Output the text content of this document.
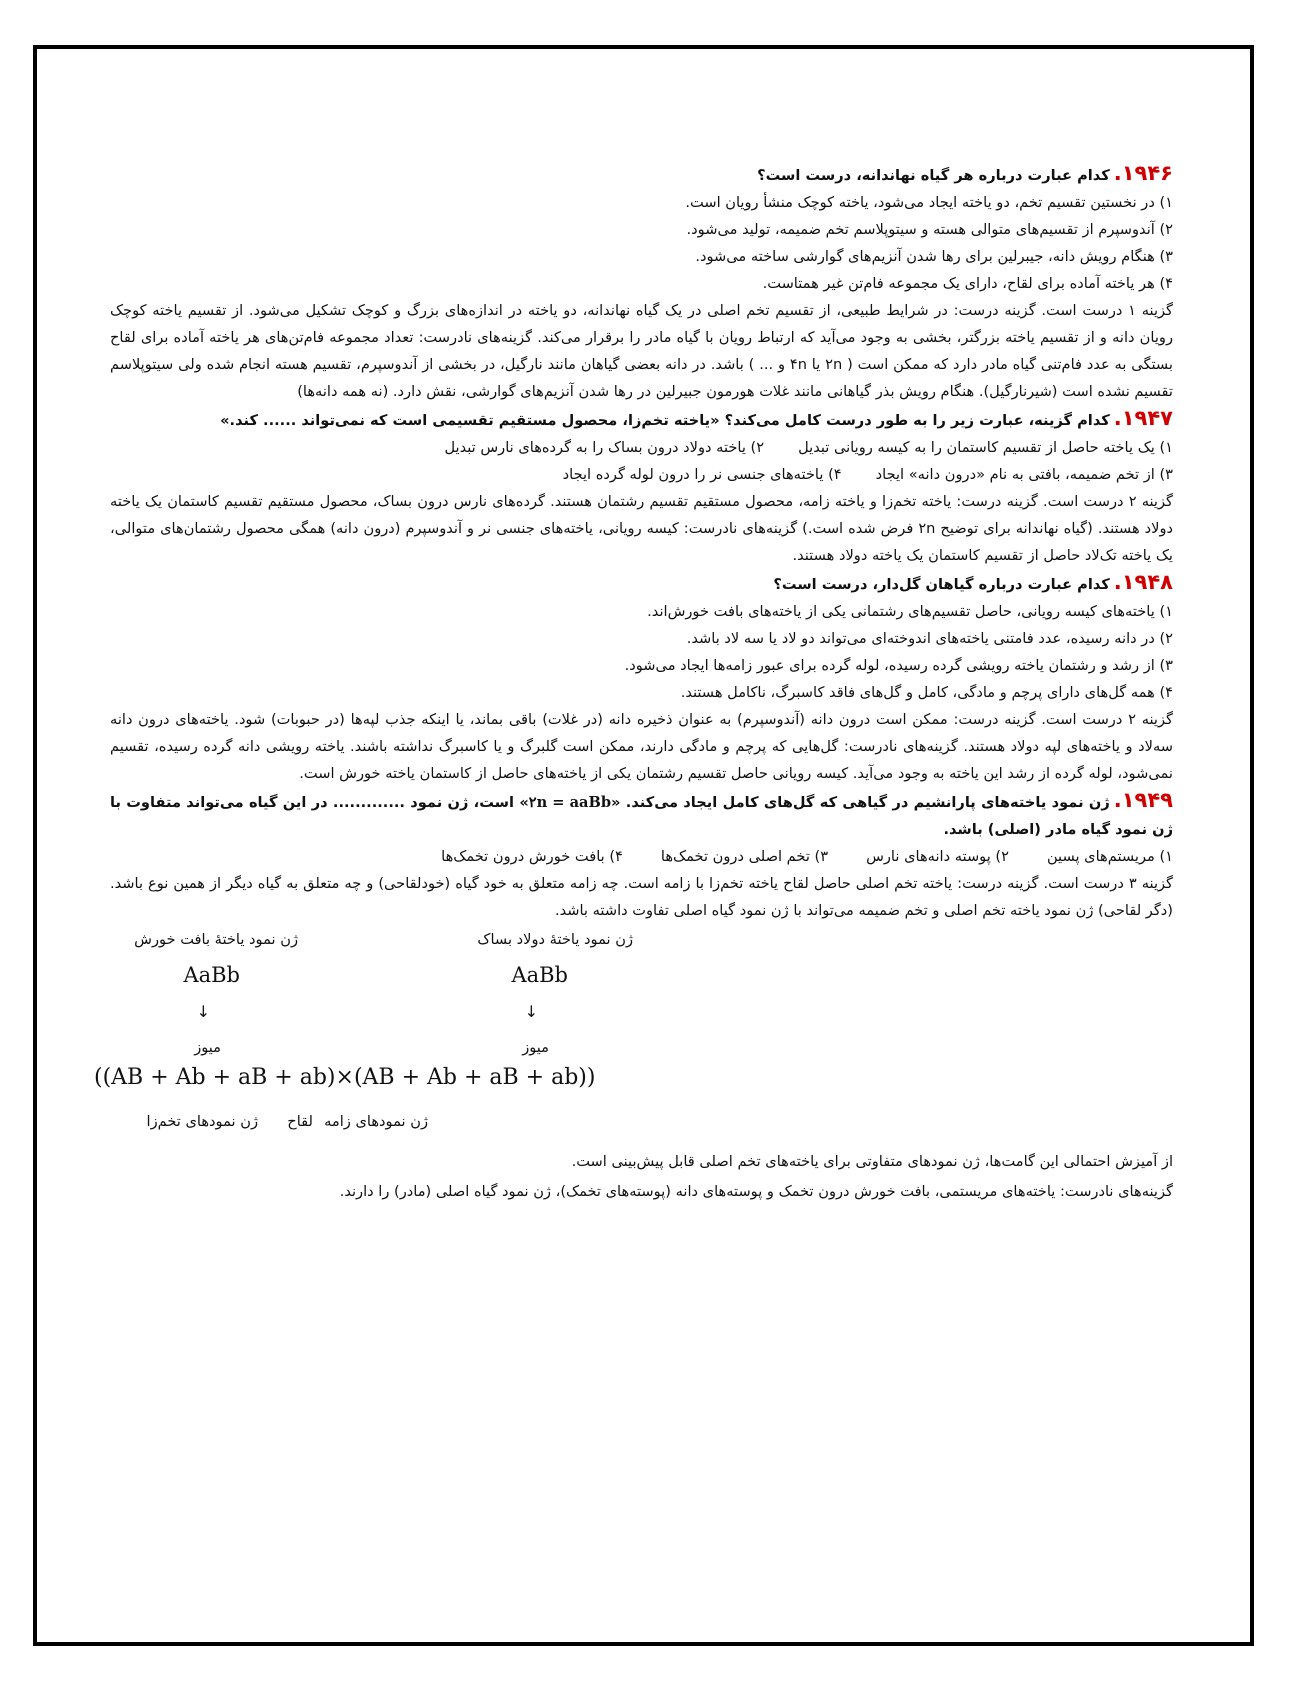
۱۹۴۶.کدام عبارت درباره هر گیاه نهاندانه، درست است؟

۱) در نخستین تقسیم تخم، دو یاخته ایجاد می‌شود، یاخته کوچک منشأ رویان است.

۲) آندوسپرم از تقسیم‌های متوالی هسته و سیتوپلاسم تخم ضمیمه، تولید می‌شود.

۳) هنگام رویش دانه، جیبرلین برای رها شدن آنزیم‌های گوارشی ساخته می‌شود.

۴) هر یاخته آماده برای لقاح، دارای یک مجموعه فام‌تن غیر همتاست.

گزینه ۱ درست است. گزینه درست: در شرایط طبیعی، از تقسیم تخم اصلی در یک گیاه نهاندانه، دو یاخته در اندازه‌های بزرگ و کوچک تشکیل می‌شود. از تقسیم یاخته کوچک رویان دانه و از تقسیم یاخته بزرگتر، بخشی به وجود می‌آید که ارتباط رویان با گیاه مادر را برقرار می‌کند. گزینه‌های نادرست: تعداد مجموعه فام‌تن‌های هر یاخته آماده برای لقاح بستگی به عدد فام‌تنی گیاه مادر دارد که ممکن است ( ۲n یا ۴n و ... ) باشد. در دانه بعضی گیاهان مانند نارگیل، در بخشی از آندوسپرم، تقسیم هسته انجام شده ولی سیتوپلاسم تقسیم نشده است (شیرنارگیل). هنگام رویش بذر گیاهانی مانند غلات هورمون جبیرلین در رها شدن آنزیم‌های گوارشی، نقش دارد. (نه همه دانه‌ها)

۱۹۴۷.کدام گزینه، عبارت زیر را به طور درست کامل می‌کند؟ «یاخته تخم‌زا، محصول مستقیم تقسیمی است که نمی‌تواند ...... کند.»

۱) یک یاخته حاصل از تقسیم کاستمان را به کیسه رویانی تبدیل
۲) یاخته دولاد درون بساک را به گرده‌های نارس تبدیل
۳) از تخم ضمیمه، بافتی به نام «درون دانه» ایجاد
۴) یاخته‌های جنسی نر را درون لوله گرده ایجاد

گزینه ۲ درست است. گزینه درست: یاخته تخم‌زا و یاخته زامه، محصول مستقیم تقسیم رشتمان هستند. گرده‌های نارس درون بساک، محصول مستقیم تقسیم کاستمان یک یاخته دولاد هستند. (گیاه نهاندانه برای توضیح ۲n فرض شده است.) گزینه‌های نادرست: کیسه رویانی، یاخته‌های جنسی نر و آندوسپرم (درون دانه) همگی محصول رشتمان‌های متوالی، یک یاخته تک‌لاد حاصل از تقسیم کاستمان یک یاخته دولاد هستند.

۱۹۴۸.کدام عبارت درباره گیاهان گل‌دار، درست است؟

۱) یاخته‌های کیسه رویانی، حاصل تقسیم‌های رشتمانی یکی از یاخته‌های بافت خورش‌اند.

۲) در دانه رسیده، عدد فامتنی یاخته‌های اندوخته‌ای می‌تواند دو لاد یا سه لاد باشد.

۳) از رشد و رشتمان یاخته رویشی گرده رسیده، لوله گرده برای عبور زامه‌ها ایجاد می‌شود.

۴) همه گل‌های دارای پرچم و مادگی، کامل و گل‌های فاقد کاسبرگ، ناکامل هستند.

گزینه ۲ درست است. گزینه درست: ممکن است درون دانه (آندوسپرم) به عنوان ذخیره دانه (در غلات) باقی بماند، یا اینکه جذب لپه‌ها (در حبوبات) شود. یاخته‌های درون دانه سه‌لاد و یاخته‌های لپه دولاد هستند. گزینه‌های نادرست: گل‌هایی که پرچم و مادگی دارند، ممکن است گلبرگ و یا کاسبرگ نداشته باشند. یاخته رویشی دانه گرده رسیده، تقسیم نمی‌شود، لوله گرده از رشد این یاخته به وجود می‌آید. کیسه رویانی حاصل تقسیم رشتمان یکی از یاخته‌های حاصل از کاستمان یاخته خورش است.

۱۹۴۹.ژن نمود یاخته‌های پارانشیم در گیاهی که گل‌های کامل ایجاد می‌کند. «۲n = aaBb» است، ژن نمود ............. در این گیاه می‌تواند متفاوت با ژن نمود گیاه مادر (اصلی) باشد.

۱) مریستم‌های پسین
۲) پوسته دانه‌های نارس
۳) تخم اصلی درون تخمک‌ها
۴) بافت خورش درون تخمک‌ها

گزینه ۳ درست است. گزینه درست: یاخته تخم اصلی حاصل لقاح یاخته تخم‌زا با زامه است. چه زامه متعلق به خود گیاه (خودلقاحی) و چه متعلق به گیاه دیگر از همین نوع باشد. (دگر لقاحی) ژن نمود یاخته تخم اصلی و تخم ضمیمه می‌تواند با ژن نمود گیاه اصلی تفاوت داشته باشد.

ژن نمود یاختهٔ دولاد بساک
ژن نمود یاختهٔ بافت خورش
AaBb
AaBb
↓
↓
میوز
میوز
((AB + Ab + aB + ab)×(AB + Ab + aB + ab))
ژن نمودهای تخم‌زا لقاح ژن نمودهای زامه

از آمیزش احتمالی این گامت‌ها، ژن نمودهای متفاوتی برای یاخته‌های تخم اصلی قابل پیش‌بینی است.

گزینه‌های نادرست: یاخته‌های مریستمی، بافت خورش درون تخمک و پوسته‌های دانه (پوسته‌های تخمک)، ژن نمود گیاه اصلی (مادر) را دارند.
